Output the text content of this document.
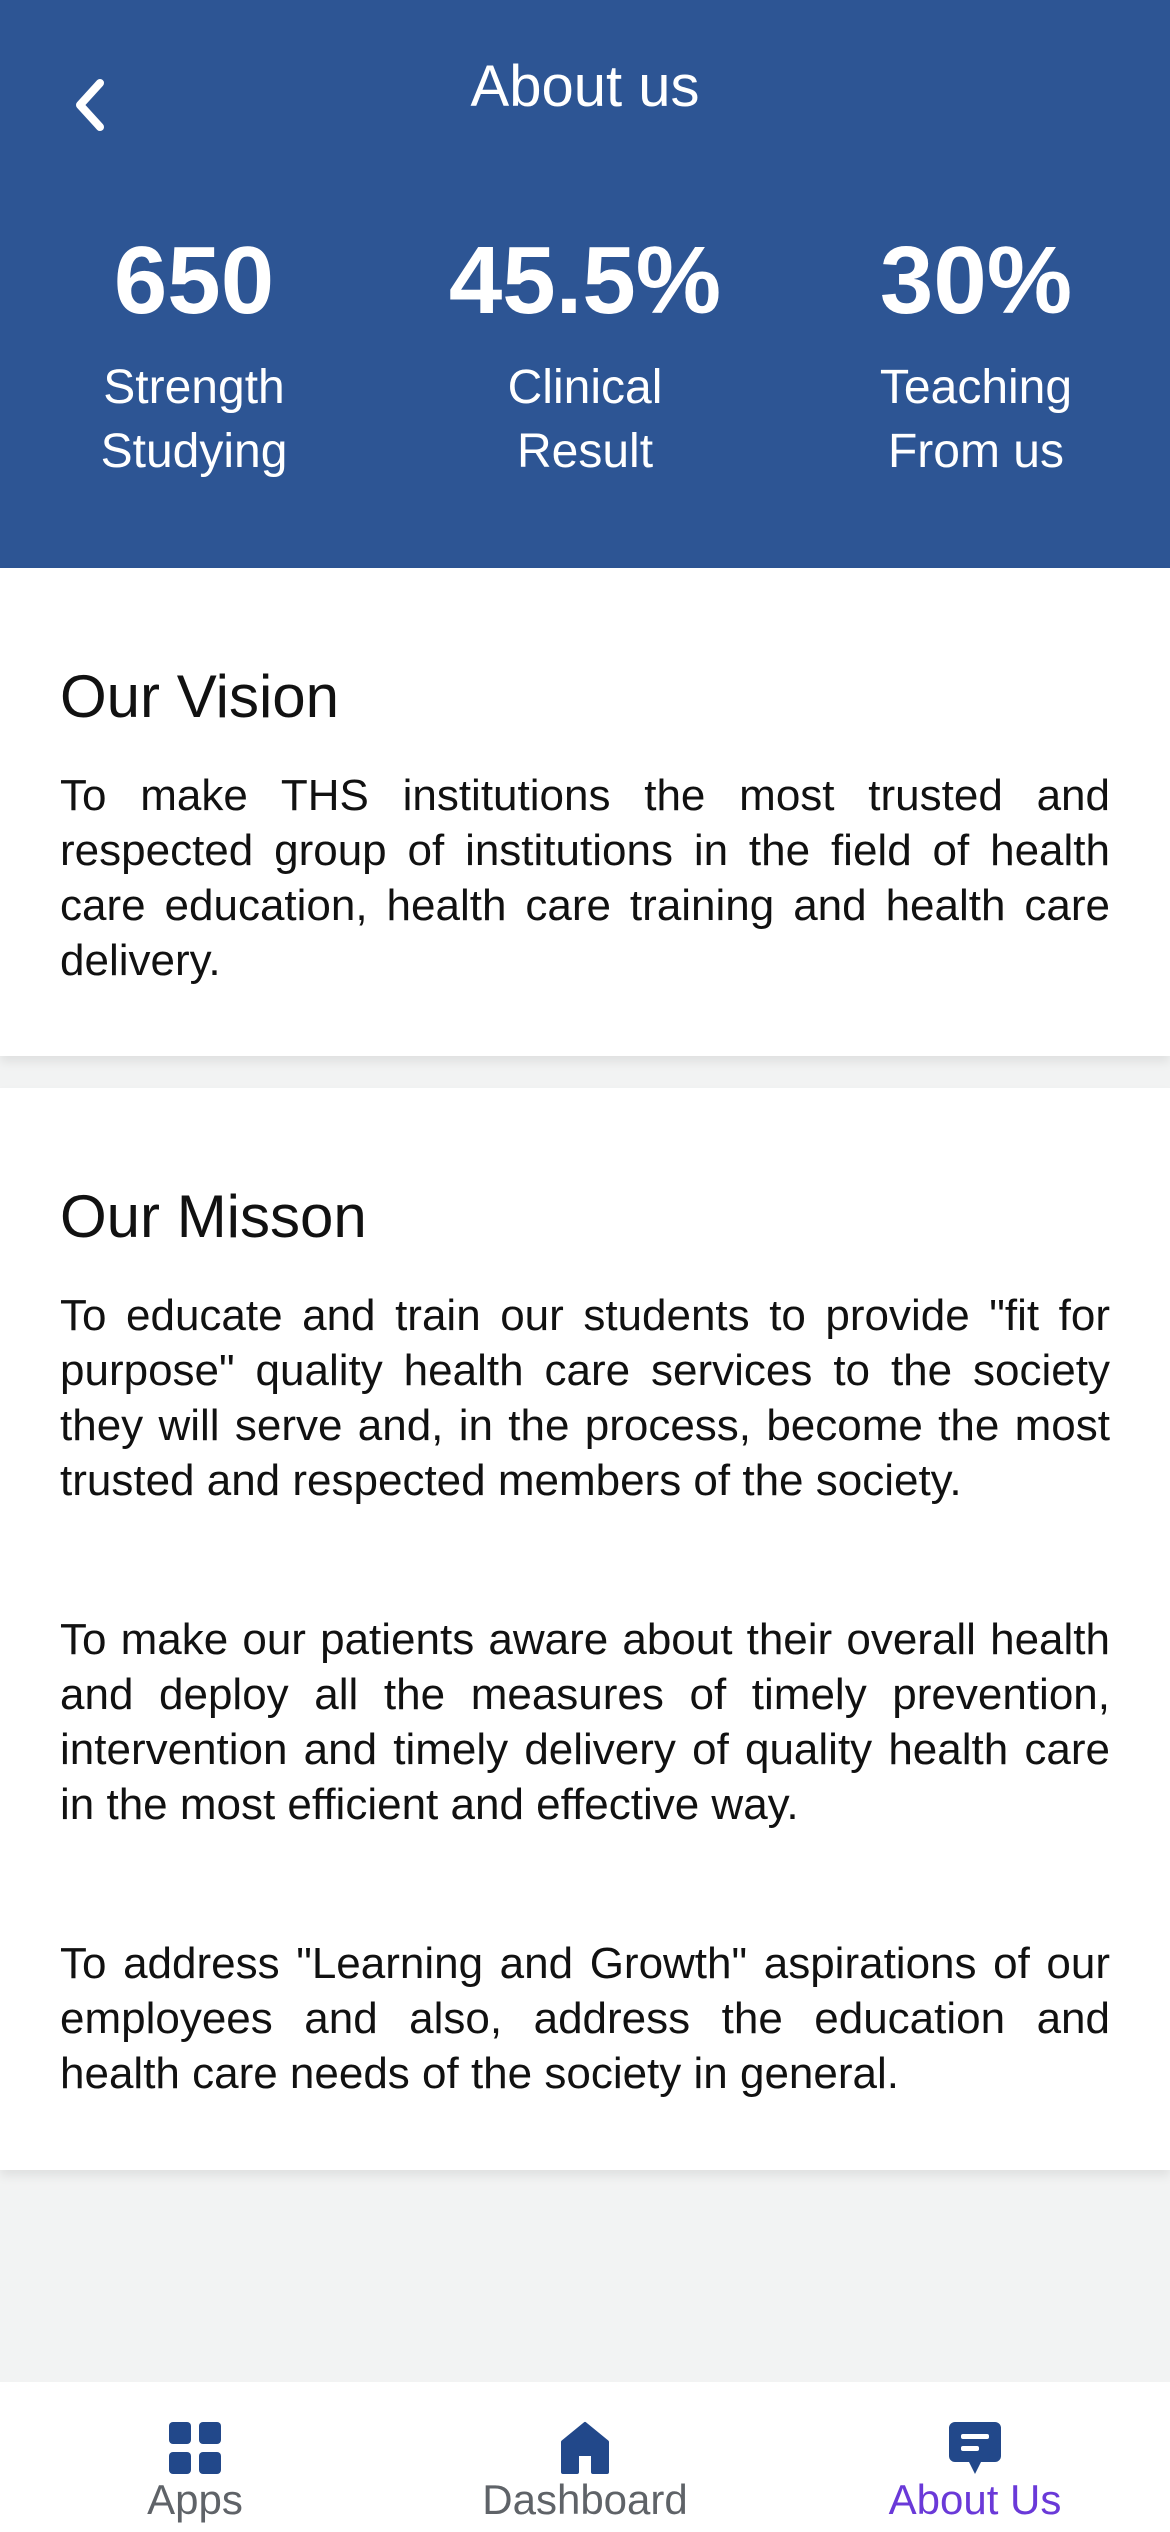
About us
650
Strength
Studying
45.5%
Clinical
Result
30%
Teaching
From us
Our Vision

To make THS institutions the most trusted and respected group of institutions in the field of health care education, health care training and health care delivery.

Our Misson

To educate and train our students to provide "fit for purpose" quality health care services to the society they will serve and, in the process, become the most trusted and respected members of the society.

To make our patients aware about their overall health and deploy all the measures of timely prevention, intervention and timely delivery of quality health care in the most efficient and effective way.

To address "Learning and Growth" aspirations of our employees and also, address the education and health care needs of the society in general.

Apps	Dashboard	About Us
